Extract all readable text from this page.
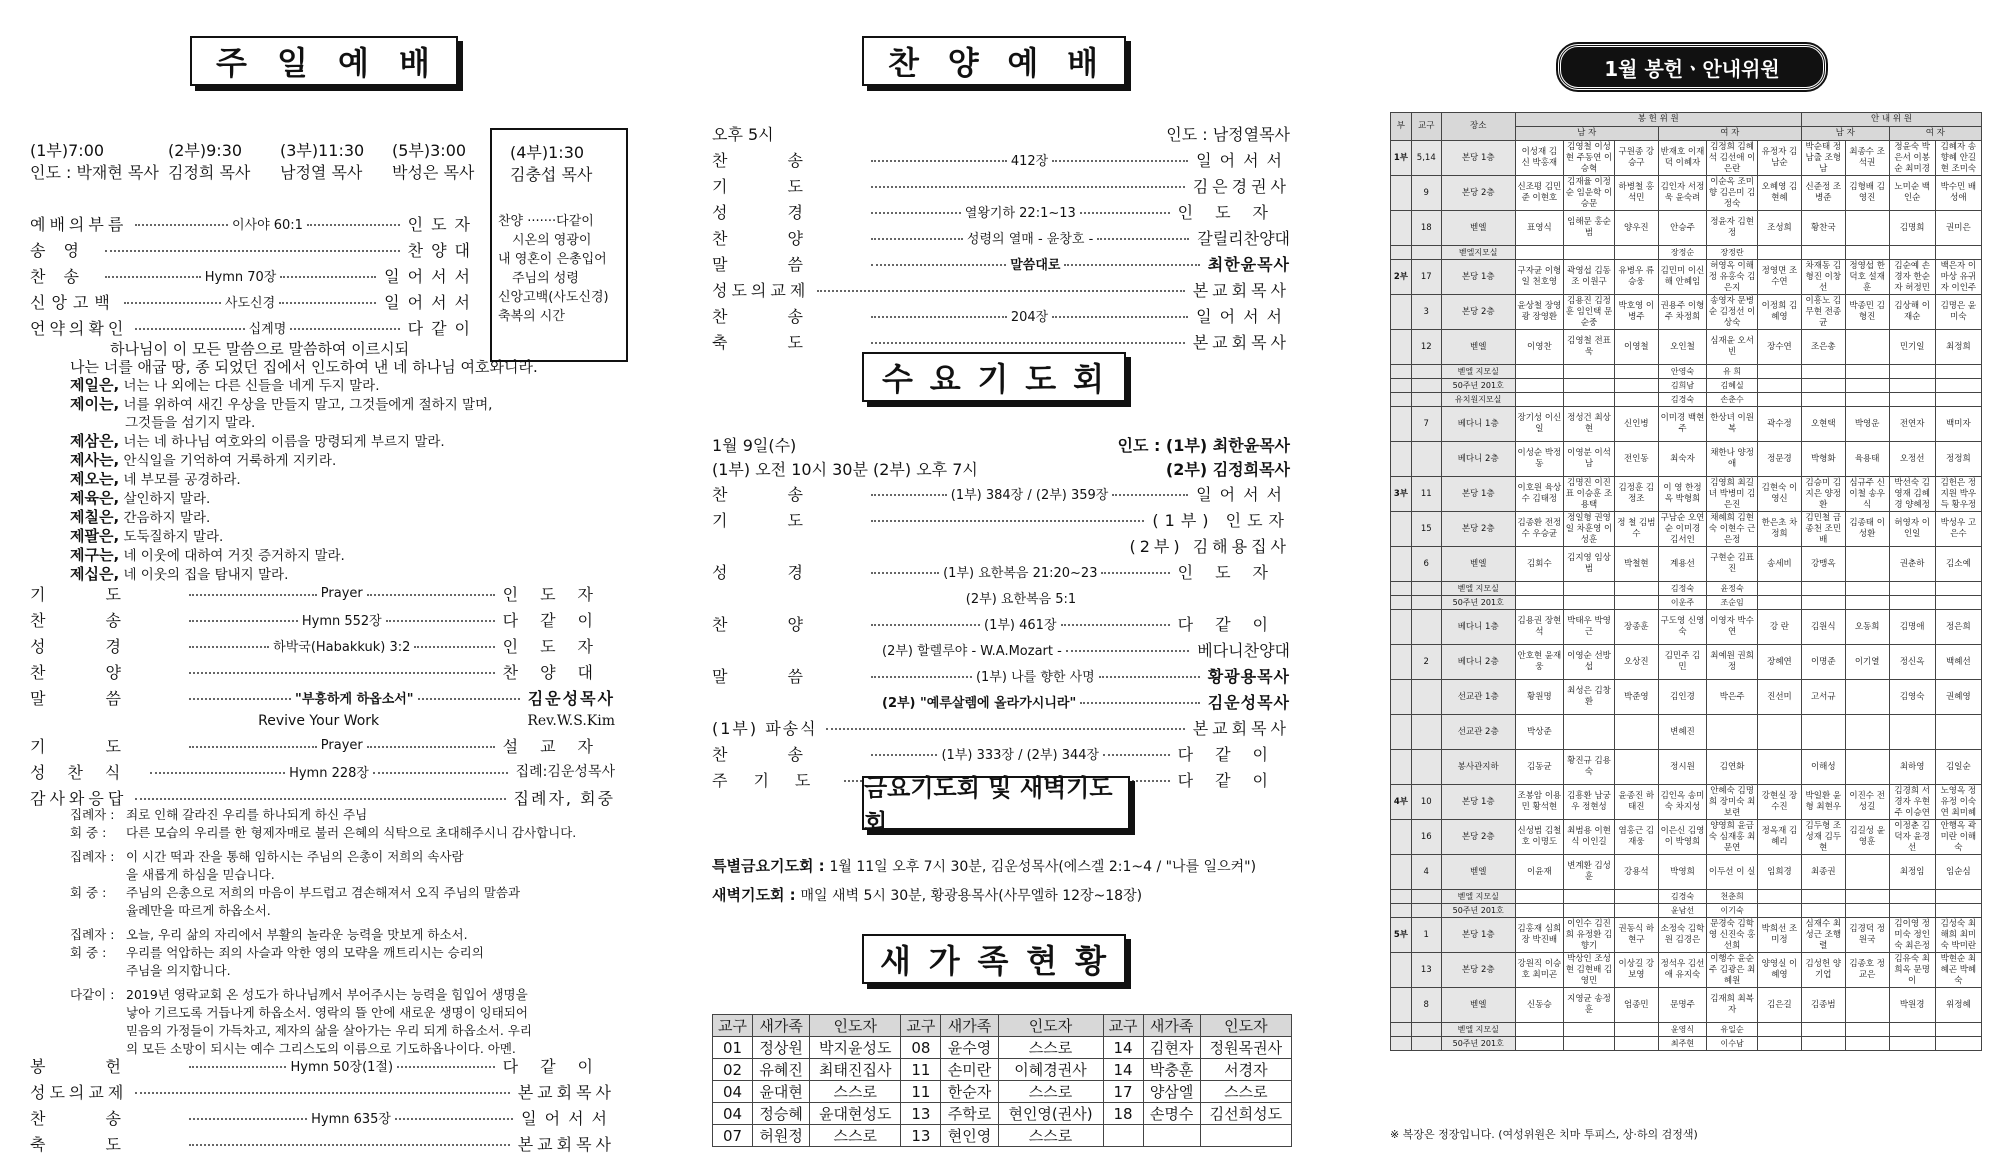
주 일 예 배
(1부)7:00
인도 : 박재현 목사
(2부)9:30
김정희 목사
(3부)11:30
남정열 목사
(5부)3:00
박성은 목사
(4부)1:30
김충섭 목사
찬양 ·······다같이
시온의 영광이
내 영혼이 은총입어
주님의 성령
신앙고백(사도신경)
축복의 시간
예배의부름	이사야 60:1	인도자
송영	찬양대
찬송	Hymn 70장	일어서서
신앙고백	사도신경	일어서서
언약의확인	십계명	다같이
하나님이 이 모든 말씀으로 말씀하여 이르시되
나는 너를 애굽 땅, 종 되었던 집에서 인도하여 낸 네 하나님 여호와니라.
제일은, 너는 나 외에는 다른 신들을 네게 두지 말라.
제이는, 너를 위하여 새긴 우상을 만들지 말고, 그것들에게 절하지 말며,
그것들을 섬기지 말라.
제삼은, 너는 네 하나님 여호와의 이름을 망령되게 부르지 말라.
제사는, 안식일을 기억하여 거룩하게 지키라.
제오는, 네 부모를 공경하라.
제육은, 살인하지 말라.
제칠은, 간음하지 말라.
제팔은, 도둑질하지 말라.
제구는, 네 이웃에 대하여 거짓 증거하지 말라.
제십은, 네 이웃의 집을 탐내지 말라.
기도	Prayer	인도자
찬송	Hymn 552장	다같이
성경	하박국(Habakkuk) 3:2	인도자
찬양	찬양대
말씀	"부흥하게 하옵소서"	김운성목사
Revive Your Work	Rev.W.S.Kim
기도	Prayer	설교자
성찬식	Hymn 228장	집례:김운성목사
감사와응답	집례자, 회중
집례자 : 죄로 인해 갈라진 우리를 하나되게 하신 주님
회 중 : 다른 모습의 우리를 한 형제자매로 불러 은혜의 식탁으로 초대해주시니 감사합니다.
집례자 : 이 시간 떡과 잔을 통해 임하시는 주님의 은총이 저희의 속사람을 새롭게 하심을 믿습니다.
회 중 :	주님의 은총으로 저희의 마음이 부드럽고 겸손해져서 오직 주님의 말씀과 율례만을 따르게 하옵소서.
집례자 : 오늘, 우리 삶의 자리에서 부활의 놀라운 능력을 맛보게 하소서.
회 중 :	우리를 억압하는 죄의 사슬과 악한 영의 모략을 깨트리시는 승리의 주님을 의지합니다.
다같이 : 2019년 영락교회 온 성도가 하나님께서 부어주시는 능력을 힘입어 생명을 낳아 기르도록 거듭나게 하옵소서. 영락의 뜰 안에 새로운 생명이 잉태되어 믿음의 가정들이 가득차고, 제자의 삶을 살아가는 우리 되게 하옵소서. 우리의 모든 소망이 되시는 예수 그리스도의 이름으로 기도하옵나이다. 아멘.
봉헌	Hymn 50장(1절)	다같이
성도의교제	본교회목사
찬송	Hymn 635장	일어서서
축도	본교회목사
찬 양 예 배
오후 5시	인도 : 남정열목사
찬송	412장	일어서서
기도	김은경권사
성경	열왕기하 22:1~13	인도자
찬양	성령의 열매 - 윤창호 -	갈릴리찬양대
말씀	말씀대로	최한윤목사
성도의교제	본교회목사
찬송	204장	일어서서
축도	본교회목사
수 요 기 도 회
1월 9일(수)	인도 : (1부) 최한윤목사
(1부) 오전 10시 30분 (2부) 오후 7시	(2부) 김정희목사
찬송	(1부) 384장 / (2부) 359장	일어서서
기도	(1부) 인도자
(2부) 김해용집사
성경	(1부) 요한복음 21:20~23	인도자
(2부) 요한복음 5:1
찬양	(1부) 461장	다같이
(2부) 할렐루야 - W.A.Mozart -	베다니찬양대
말씀	(1부) 나를 향한 사명	황광용목사
(2부) "예루살렘에 올라가시니라"	김운성목사
(1부) 파송식	본교회목사
찬송	(1부) 333장 / (2부) 344장	다같이
주기도	다같이
금요기도회 및 새벽기도회
특별금요기도회 : 1월 11일 오후 7시 30분, 김운성목사(에스겔 2:1~4 / "나를 일으켜")
새벽기도회 : 매일 새벽 5시 30분, 황광용목사(사무엘하 12장~18장)
새 가 족 현 황
교구	새가족	인도자	교구	새가족	인도자	교구	새가족	인도자
01	정상원	박지윤성도	08	윤수영	스스로	14	김현자	정원목권사
02	유혜진	최태진집사	11	손미란	이혜경권사	14	박충훈	서경자
04	윤대현	스스로	11	한순자	스스로	17	양삼엘	스스로
04	정승혜	윤대현성도	13	주학로	현인영(권사)	18	손명수	김선희성도
07	허원정	스스로	13	현인영	스스로			
1월 봉헌ㆍ안내위원
부	교구	장소	봉 헌 위 원						안 내 위 원			
			남 자			여 자			남 자		여 자	
1부	5,14	본당 1층	이성재 김 신 박홍재	김영철 이성현 주동연 이승혁	구원종 강승구	반재호 이재덕 이혜자	김정희 김혜석 김선애 이은란	유정자 김남순	박순태 정남출 조형남	최종수 조석권	정윤숙 박은서 이봉순 최미경	김혜자 송향혜 안길현 조미숙
	9	본당 2층	신조평 김민준 이현호	김재율 이정순 임운학 이승문	하병철 홍석민	김인자 서정욱 윤숙려	이순옥 조미향 김은미 김정숙	오혜영 김현혜	신준정 조병준	김형배 김영진	노미순 백인순	박수민 배성애
	18	벧엘	표영식	임해문 홍순범	양우진	안승주	정윤자 김현정	조성희	황찬국		김명희	권미은
		벧엘지모실				장정순	장정란					
2부	17	본당 1층	구자균 이형일 천호영	곽영섭 김동조 이원구	유병우 류승웅	김민미 이신해 안혜임	허영옥 이해정 유홍숙 김은지	정영면 조수연	차재동 김형진 이창선	정영섭 한덕호 설재훈	김순예 손경자 한순자 허정민	백은자 이마상 유귀자 이인주
	3	본당 2층	윤상철 장영광 장영환	김용진 김정훈 임인택 문순중	박호영 이병주	권용주 이형주 차정희	송영자 문병순 김정선 이상숙	이정희 김혜영	이흥노 김무현 전종균	박종민 김형진	김상해 이재순	김명은 윤미숙
	12	벧엘	이영찬	김영철 전표욱	이영철	오인철	심재윤 오서빈	장수연	조은총		민기일	최정희
		벧엘 지모실				안영숙	유 희					
		50주년 201호				김희남	김혜실					
		유치원지모실				김경숙	손춘수					
	7	베다니 1층	장기성 이신일	정성건 최상현	신인병	이미경 백현주	한상녀 이원복	곽수정	오현택	박영운	전연자	백미자
		베다니 2층	이성순 박정동	이영분 이석남	전인동	최숙자	채한나 양정애	정문경	박형화	육용태	오정선	정정희
3부	11	본당 1층	이호원 육상수 김태정	김명진 이진표 이승훈 조용택	김정훈 김정조	이 영 한정옥 박형희	김영희 최길녀 박병미 김은진	김현숙 이영신	김승미 김지은 양정환	심규주 신이철 송우식	박선숙 김영재 김혜경 양혜정	김헌은 정지원 박우득 황우정
	15	본당 2층	김종환 전정수 우승균	정일형 권영일 차훈영 이성훈	정 철 김범수	구남순 오연순 이미경 김서인	채혜희 김현숙 이현수 근은정	한은초 차정희	김민철 금종천 조민배	김종태 이성환	허영자 이인일	박성우 고은수
	6	벧엘	김회수	김지영 임상범	박철현	계용선	구현순 김표진	송세비	강맹옥		권춘하	김소예
		벧엘 지모실				김정숙	윤정숙					
		50주년 201호				이운주	조순임					
		베다니 1층	김용권 장현석	박태우 박영근	장종훈	구도영 신영숙	이영자 박수연	강 란	김원식	오동희	김명애	정은희
	2	베다니 2층	안호현 윤재웅	이영순 선방섭	오상진	김민주 김 민	최예원 권희정	장혜연	이명준	이기열	정신옥	백혜선
		선교관 1층	황원명	최성은 김창환	박준영	김인경	박은주	진선미	고서규		김영숙	권혜영
		선교관 2층	박상준			변혜진						
		봉사관지하	김동균	황진규 김용숙		정시원	김연화		이해성		최하영	김일순
4부	10	본당 1층	조봉암 이용민 황석현	김흥환 남궁우 정현성	윤종진 하태진	김인옥 송미숙 차지성	안혜숙 김명희 장미숙 최보련	강현실 장수진	박일환 윤 형 최현우	이진수 전성길	김경희 서경자 우현주 이승연	노영옥 정유정 이숙연 최미혜
	16	본당 2층	신성범 김철호 이명도	최범용 이현식 이인길	염홍근 김재웅	이은신 김영이 박영희	양영희 윤금숙 심재홍 최문연	정옥재 김혜리	김두형 조성재 김두현	김길성 윤영훈	이정춘 김덕자 윤경선	안행옥 곽미란 이해숙
	4	벧엘	이윤재	변계환 김성훈	강용석	박영희	이두선 이 실	임희경	최종권		최정임	임순심
		벧엘 지모실				김경숙	천춘희					
		50주년 201호				윤남선	이기숙					
5부	1	본당 1층	김홍재 심희장 박진배	이인수 김진희 유정환 김향기	권동식 하현구	소정숙 김학원 김경은	문경숙 김학영 신진숙 홍선희	박희선 조미정	심재수 최성근 조행렬	김경덕 정원국	김이영 정미숙 정인숙 최은정	김성숙 최해희 최미숙 박미란
	13	본당 2층	강원직 이승호 최미곤	박상인 조성현 김현배 김영민	이상길 강보영	정석우 김선애 유지숙	이행수 윤순주 김광은 최혜원	양영실 이혜영	김성헌 양기업	김종호 정교은	김유숙 최희옥 문명이	박현순 최혜곤 박혜숙
	8	벧엘	신동승	지영균 송정훈	엄종민	문명주	김재희 최복자	김은길	김종범		박원경	위정혜
		벧엘 지모실				윤영식	유일순					
		50주년 201호				최주현	이수남					
※ 복장은 정장입니다. (여성위원은 치마 투피스, 상·하의 검정색)
